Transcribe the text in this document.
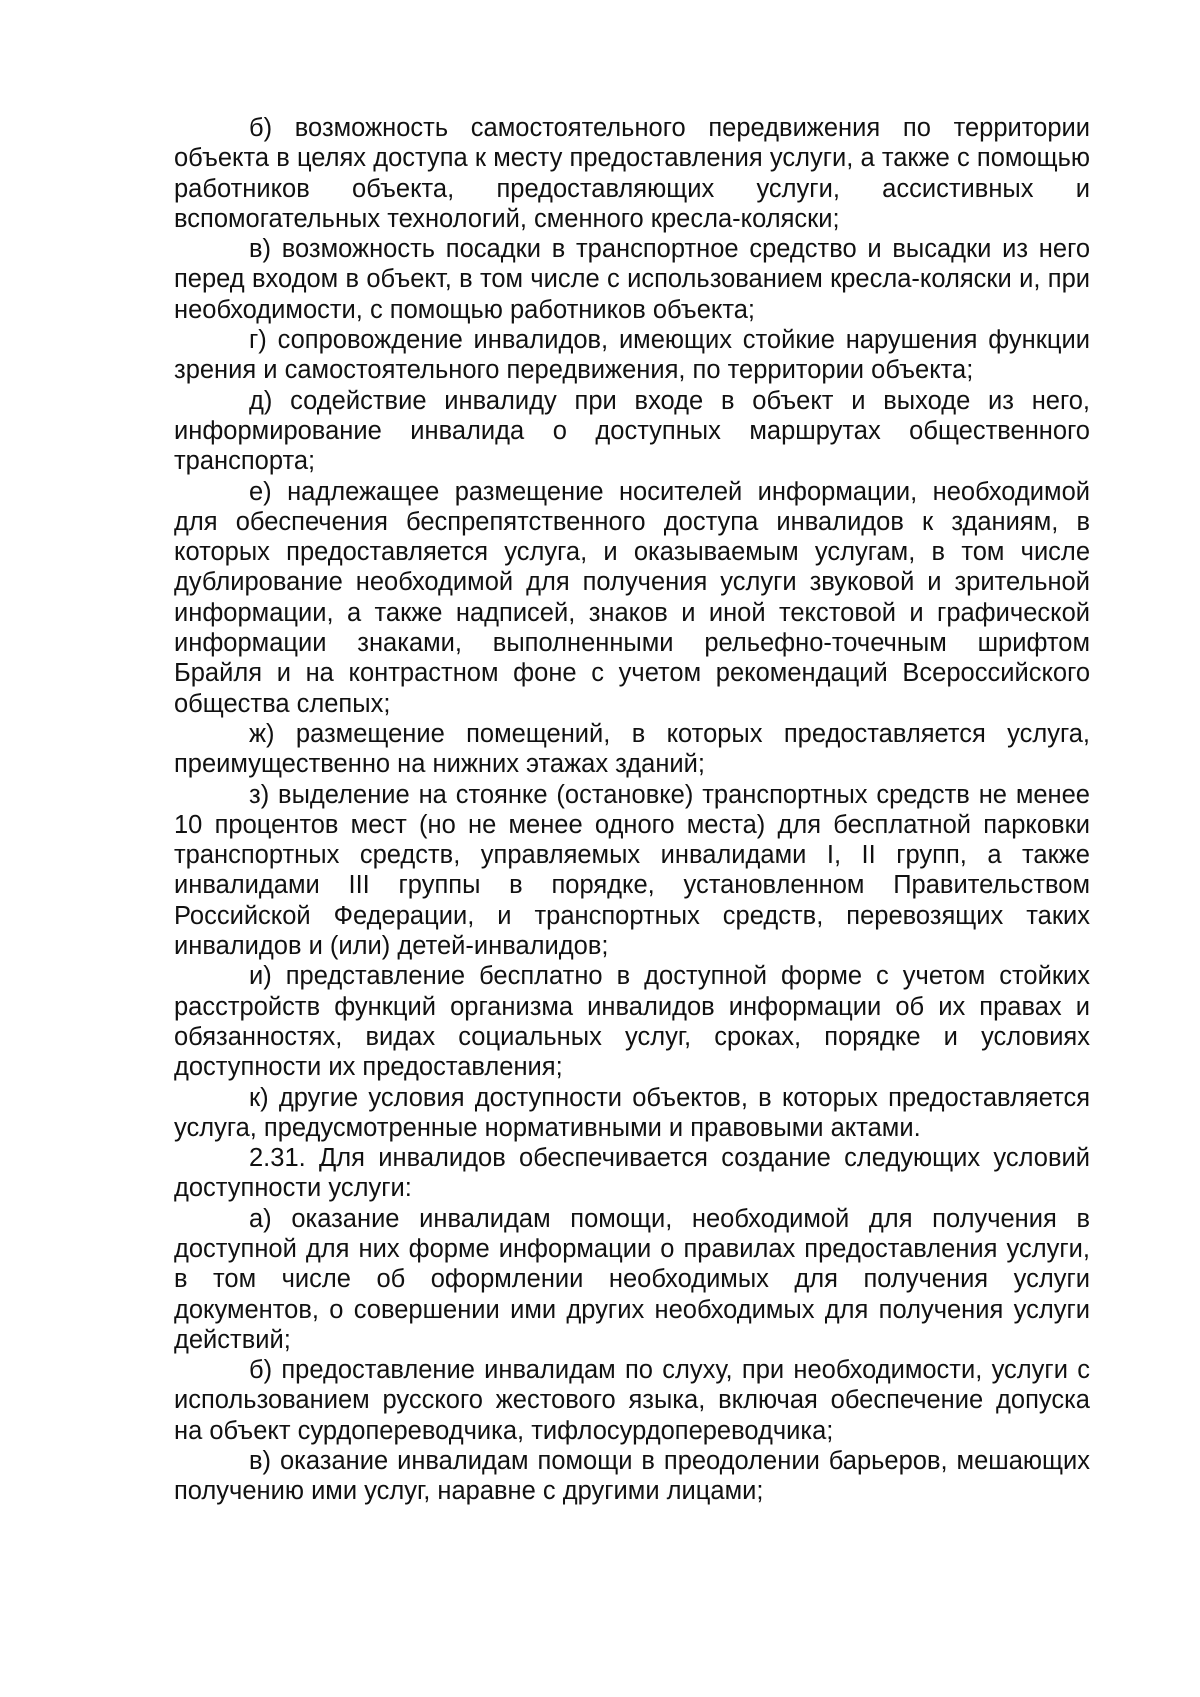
б) возможность самостоятельного передвижения по территории объекта в целях доступа к месту предоставления услуги, а также с помощью работников объекта, предоставляющих услуги, ассистивных и вспомогательных технологий, сменного кресла-коляски;

в) возможность посадки в транспортное средство и высадки из него перед входом в объект, в том числе с использованием кресла-коляски и, при необходимости, с помощью работников объекта;

г) сопровождение инвалидов, имеющих стойкие нарушения функции зрения и самостоятельного передвижения, по территории объекта;

д) содействие инвалиду при входе в объект и выходе из него, информирование инвалида о доступных маршрутах общественного транспорта;

е) надлежащее размещение носителей информации, необходимой для обеспечения беспрепятственного доступа инвалидов к зданиям, в которых предоставляется услуга, и оказываемым услугам, в том числе дублирование необходимой для получения услуги звуковой и зрительной информации, а также надписей, знаков и иной текстовой и графической информации знаками, выполненными рельефно-точечным шрифтом Брайля и на контрастном фоне с учетом рекомендаций Всероссийского общества слепых;

ж) размещение помещений, в которых предоставляется услуга, преимущественно на нижних этажах зданий;

з) выделение на стоянке (остановке) транспортных средств не менее 10 процентов мест (но не менее одного места) для бесплатной парковки транспортных средств, управляемых инвалидами I, II групп, а также инвалидами III группы в порядке, установленном Правительством Российской Федерации, и транспортных средств, перевозящих таких инвалидов и (или) детей-инвалидов;

и) представление бесплатно в доступной форме с учетом стойких расстройств функций организма инвалидов информации об их правах и обязанностях, видах социальных услуг, сроках, порядке и условиях доступности их предоставления;

к) другие условия доступности объектов, в которых предоставляется услуга, предусмотренные нормативными и правовыми актами.

2.31. Для инвалидов обеспечивается создание следующих условий доступности услуги:

а) оказание инвалидам помощи, необходимой для получения в доступной для них форме информации о правилах предоставления услуги, в том числе об оформлении необходимых для получения услуги документов, о совершении ими других необходимых для получения услуги действий;

б) предоставление инвалидам по слуху, при необходимости, услуги с использованием русского жестового языка, включая обеспечение допуска на объект сурдопереводчика, тифлосурдопереводчика;

в) оказание инвалидам помощи в преодолении барьеров, мешающих получению ими услуг, наравне с другими лицами;
